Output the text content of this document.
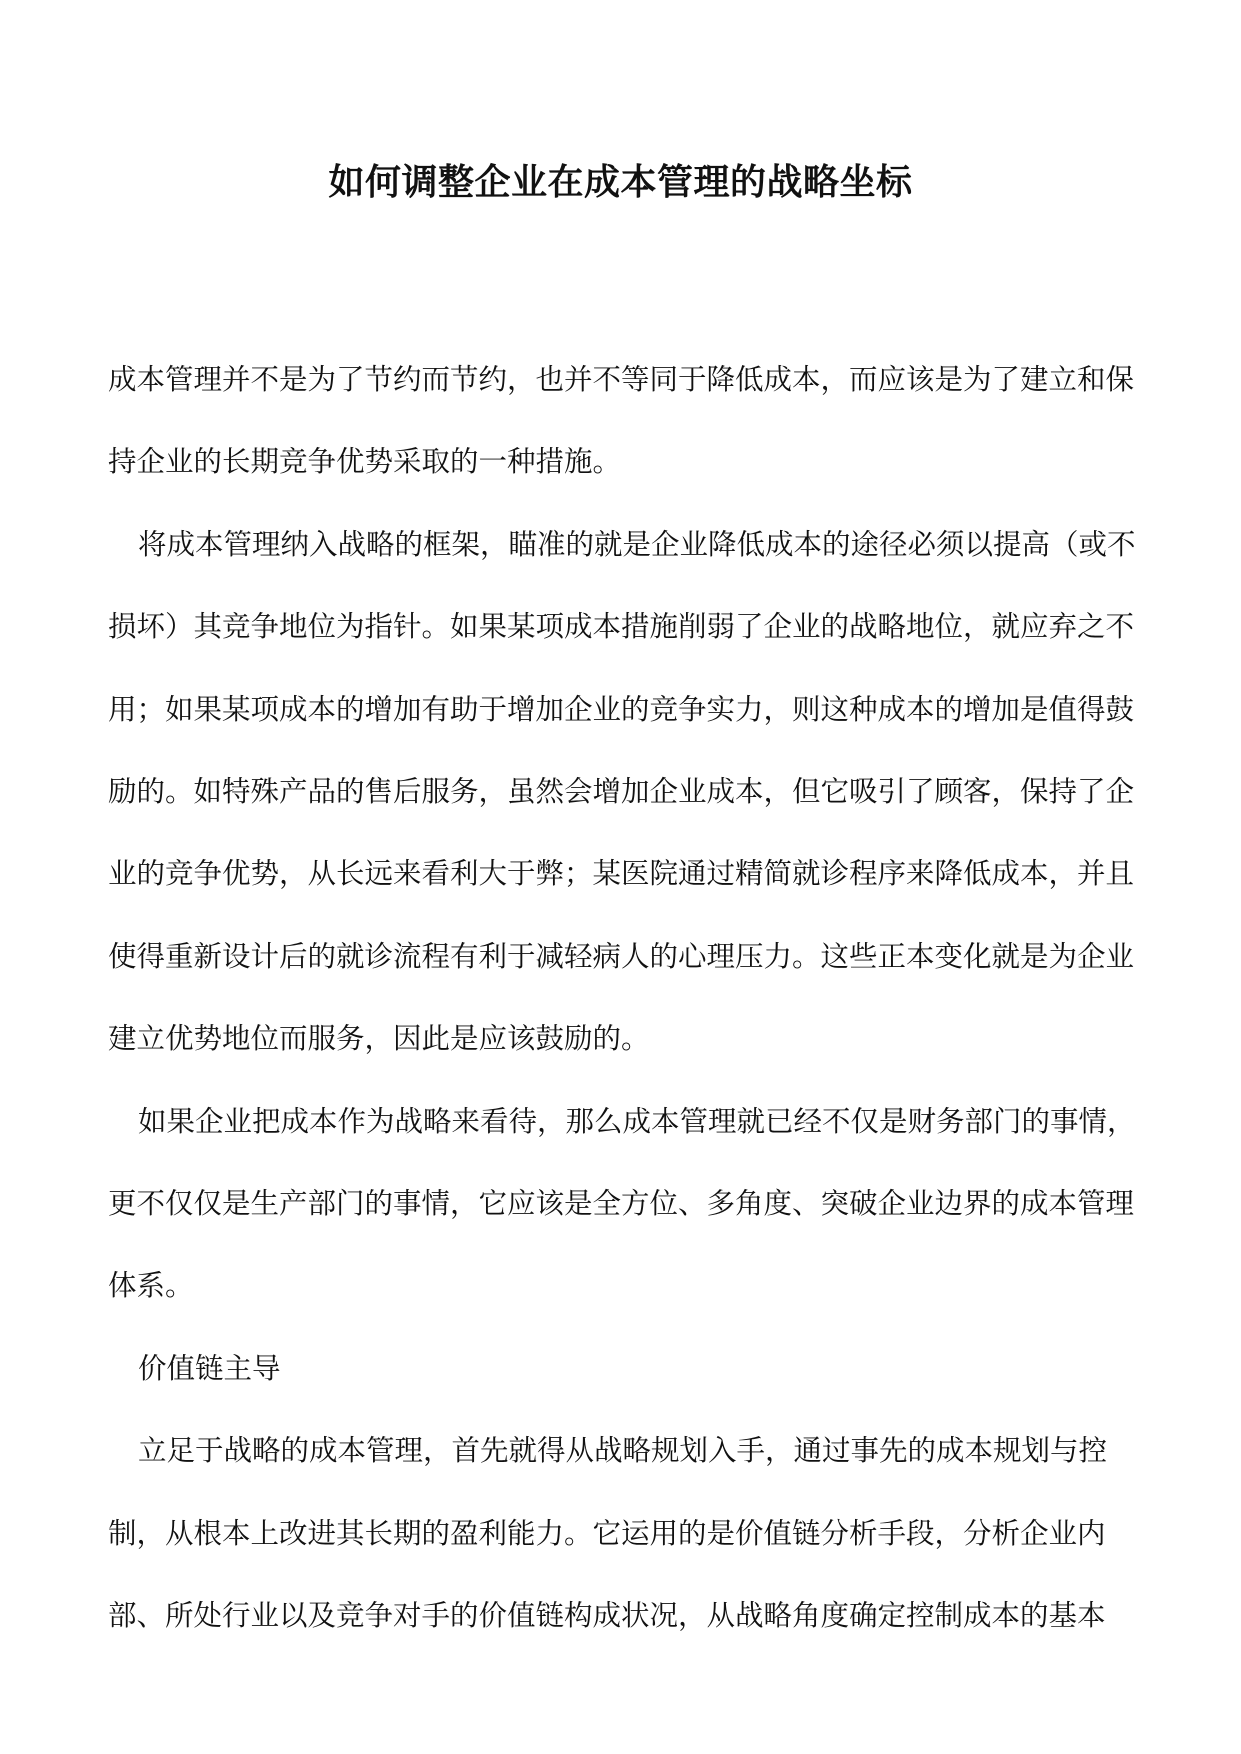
如何调整企业在成本管理的战略坐标

成本管理并不是为了节约而节约，也并不等同于降低成本，而应该是为了建立和保持企业的长期竞争优势采取的一种措施。

将成本管理纳入战略的框架，瞄准的就是企业降低成本的途径必须以提高（或不损坏）其竞争地位为指针。如果某项成本措施削弱了企业的战略地位，就应弃之不用；如果某项成本的增加有助于增加企业的竞争实力，则这种成本的增加是值得鼓励的。如特殊产品的售后服务，虽然会增加企业成本，但它吸引了顾客，保持了企业的竞争优势，从长远来看利大于弊；某医院通过精简就诊程序来降低成本，并且使得重新设计后的就诊流程有利于减轻病人的心理压力。这些正本变化就是为企业建立优势地位而服务，因此是应该鼓励的。

如果企业把成本作为战略来看待，那么成本管理就已经不仅是财务部门的事情，更不仅仅是生产部门的事情，它应该是全方位、多角度、突破企业边界的成本管理体系。

价值链主导

立足于战略的成本管理，首先就得从战略规划入手，通过事先的成本规划与控制，从根本上改进其长期的盈利能力。它运用的是价值链分析手段，分析企业内部、所处行业以及竞争对手的价值链构成状况，从战略角度确定控制成本的基本
